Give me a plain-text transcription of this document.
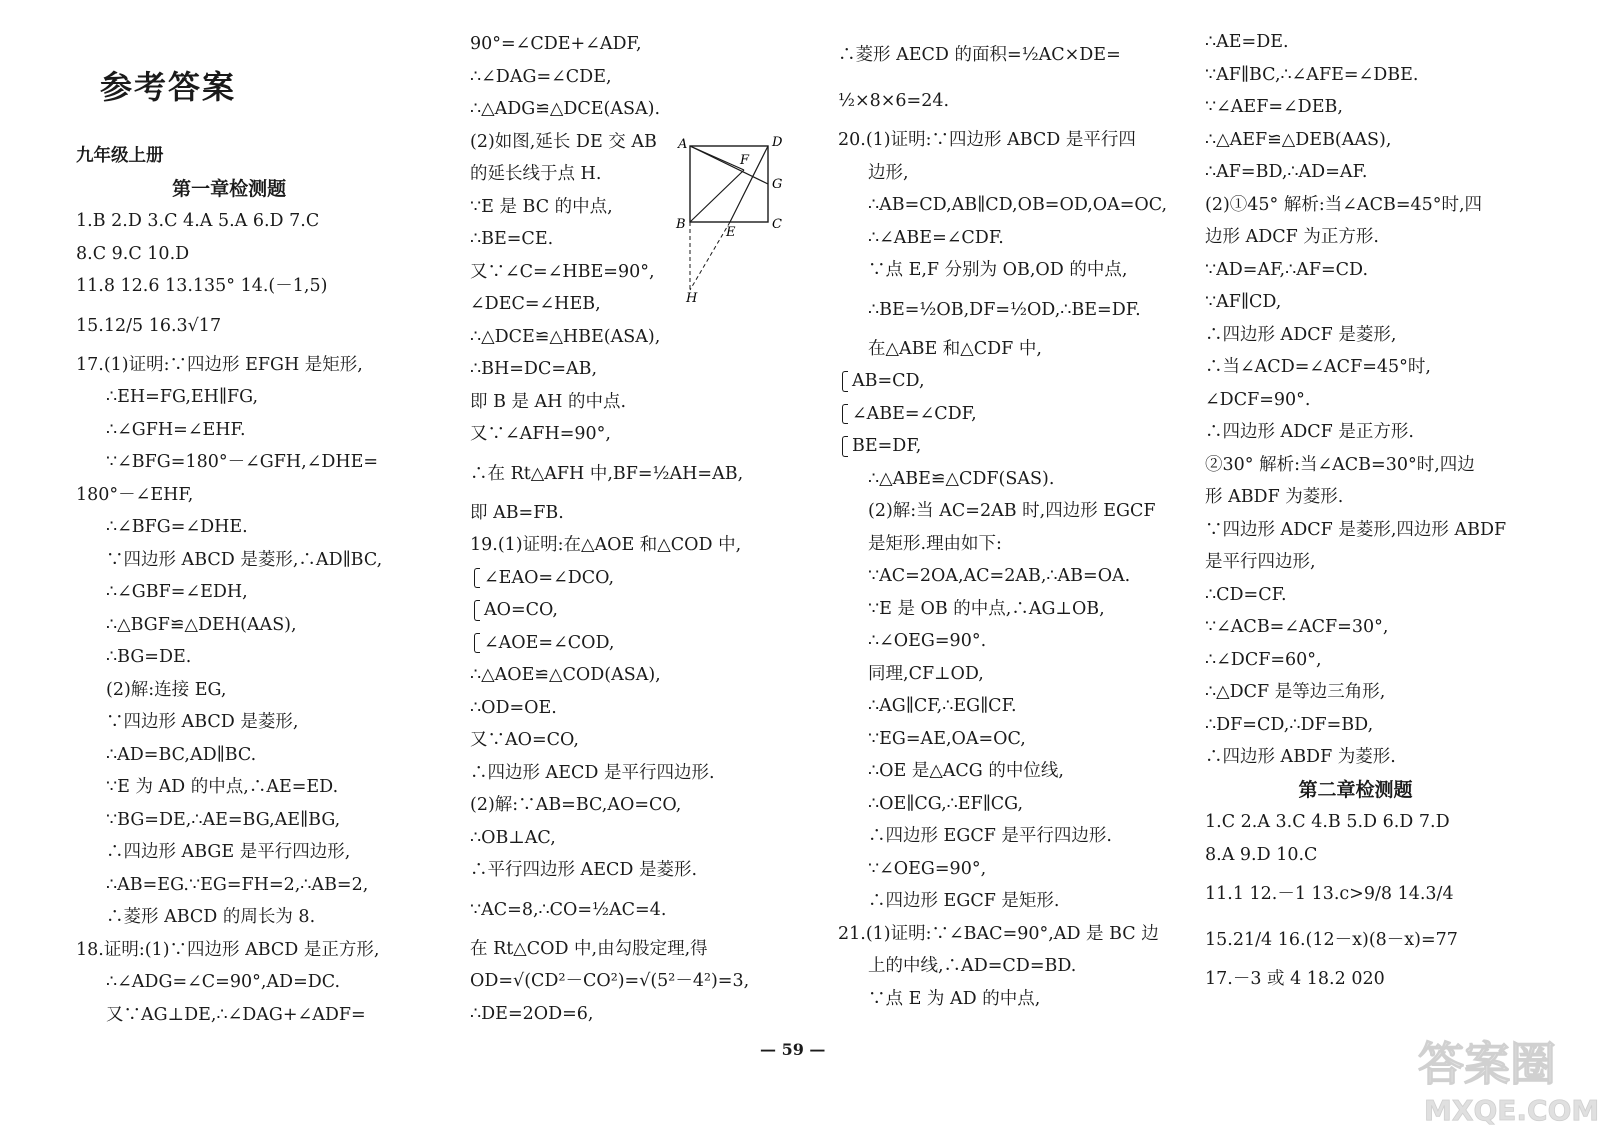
参考答案
九年级上册
第一章检测题
1.B 2.D 3.C 4.A 5.A 6.D 7.C
8.C 9.C 10.D
11.8 12.6 13.135° 14.(－1,5)
15.12/5 16.3√17
17.(1)证明:∵四边形 EFGH 是矩形,
∴EH=FG,EH∥FG,
∴∠GFH=∠EHF.
∵∠BFG=180°－∠GFH,∠DHE=
180°－∠EHF,
∴∠BFG=∠DHE.
∵四边形 ABCD 是菱形,∴AD∥BC,
∴∠GBF=∠EDH,
∴△BGF≌△DEH(AAS),
∴BG=DE.
(2)解:连接 EG,
∵四边形 ABCD 是菱形,
∴AD=BC,AD∥BC.
∵E 为 AD 的中点,∴AE=ED.
∵BG=DE,∴AE=BG,AE∥BG,
∴四边形 ABGE 是平行四边形,
∴AB=EG.∵EG=FH=2,∴AB=2,
∴菱形 ABCD 的周长为 8.
18.证明:(1)∵四边形 ABCD 是正方形,
∴∠ADG=∠C=90°,AD=DC.
又∵AG⊥DE,∴∠DAG+∠ADF=
90°=∠CDE+∠ADF,
∴∠DAG=∠CDE,
∴△ADG≌△DCE(ASA).
(2)如图,延长 DE 交 AB
的延长线于点 H.
∵E 是 BC 的中点,
∴BE=CE.
又∵∠C=∠HBE=90°,
∠DEC=∠HEB,
∴△DCE≌△HBE(ASA),
∴BH=DC=AB,
即 B 是 AH 的中点.
又∵∠AFH=90°,
∴在 Rt△AFH 中,BF=½AH=AB,
即 AB=FB.
19.(1)证明:在△AOE 和△COD 中,
∠EAO=∠DCO,
AO=CO,
∠AOE=∠COD,
∴△AOE≌△COD(ASA),
∴OD=OE.
又∵AO=CO,
∴四边形 AECD 是平行四边形.
(2)解:∵AB=BC,AO=CO,
∴OB⊥AC,
∴平行四边形 AECD 是菱形.
∵AC=8,∴CO=½AC=4.
在 Rt△COD 中,由勾股定理,得
OD=√(CD²－CO²)=√(5²－4²)=3,
∴DE=2OD=6,
∴菱形 AECD 的面积=½AC×DE=
½×8×6=24.
20.(1)证明:∵四边形 ABCD 是平行四
边形,
∴AB=CD,AB∥CD,OB=OD,OA=OC,
∴∠ABE=∠CDF.
∵点 E,F 分别为 OB,OD 的中点,
∴BE=½OB,DF=½OD,∴BE=DF.
在△ABE 和△CDF 中,
AB=CD,
∠ABE=∠CDF,
BE=DF,
∴△ABE≌△CDF(SAS).
(2)解:当 AC=2AB 时,四边形 EGCF
是矩形.理由如下:
∵AC=2OA,AC=2AB,∴AB=OA.
∵E 是 OB 的中点,∴AG⊥OB,
∴∠OEG=90°.
同理,CF⊥OD,
∴AG∥CF,∴EG∥CF.
∵EG=AE,OA=OC,
∴OE 是△ACG 的中位线,
∴OE∥CG,∴EF∥CG,
∴四边形 EGCF 是平行四边形.
∵∠OEG=90°,
∴四边形 EGCF 是矩形.
21.(1)证明:∵∠BAC=90°,AD 是 BC 边
上的中线,∴AD=CD=BD.
∵点 E 为 AD 的中点,
∴AE=DE.
∵AF∥BC,∴∠AFE=∠DBE.
∵∠AEF=∠DEB,
∴△AEF≌△DEB(AAS),
∴AF=BD,∴AD=AF.
(2)①45° 解析:当∠ACB=45°时,四
边形 ADCF 为正方形.
∵AD=AF,∴AF=CD.
∵AF∥CD,
∴四边形 ADCF 是菱形,
∴当∠ACD=∠ACF=45°时,
∠DCF=90°.
∴四边形 ADCF 是正方形.
②30° 解析:当∠ACB=30°时,四边
形 ABDF 为菱形.
∵四边形 ADCF 是菱形,四边形 ABDF
是平行四边形,
∴CD=CF.
∵∠ACB=∠ACF=30°,
∴∠DCF=60°,
∴△DCF 是等边三角形,
∴DF=CD,∴DF=BD,
∴四边形 ABDF 为菱形.
第二章检测题
1.C 2.A 3.C 4.B 5.D 6.D 7.D
8.A 9.D 10.C
11.1 12.－1 13.c>9/8 14.3/4
15.21/4 16.(12－x)(8－x)=77
17.－3 或 4 18.2 020
A	D
F
G
B
E
C
H
— 59 —	答案圈
MXQE.COM
